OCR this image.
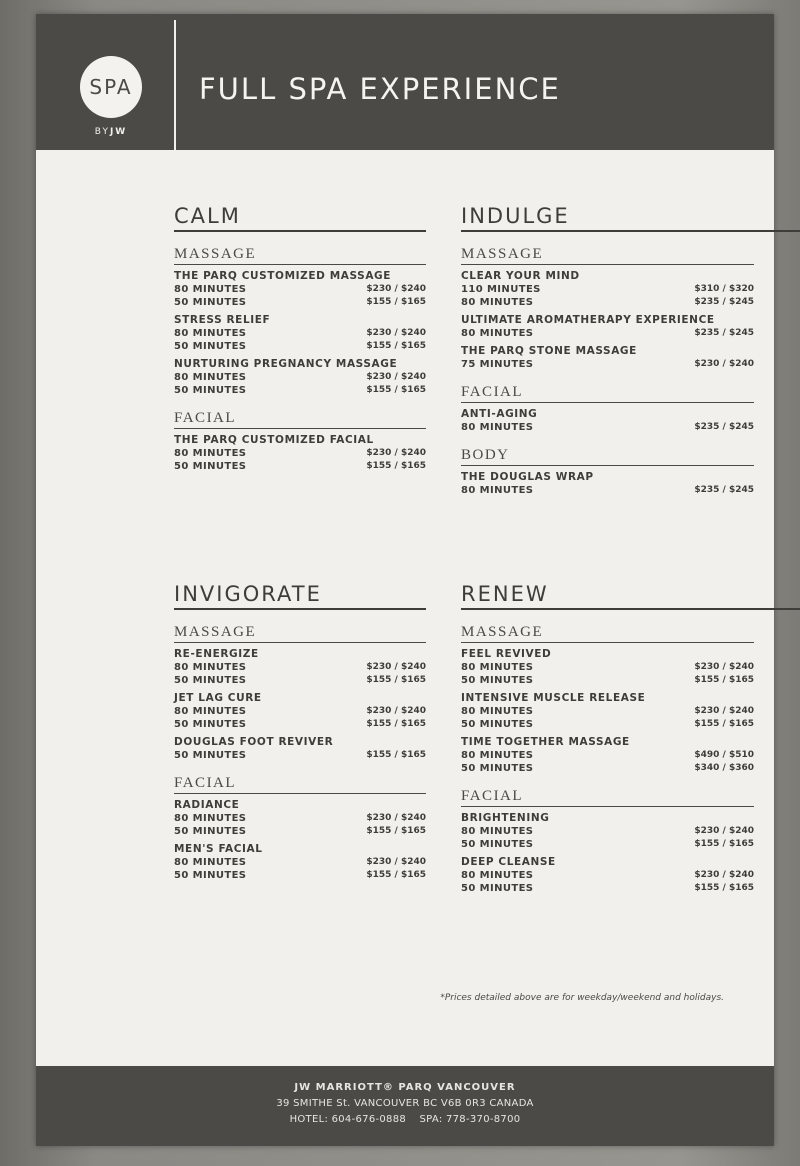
SPA
BYJW
FULL SPA EXPERIENCE
CALM
MASSAGE
THE PARQ CUSTOMIZED MASSAGE
80 MINUTES	$230 / $240
50 MINUTES	$155 / $165
STRESS RELIEF
80 MINUTES	$230 / $240
50 MINUTES	$155 / $165
NURTURING PREGNANCY MASSAGE
80 MINUTES	$230 / $240
50 MINUTES	$155 / $165
FACIAL
THE PARQ CUSTOMIZED FACIAL
80 MINUTES	$230 / $240
50 MINUTES	$155 / $165
INDULGE
MASSAGE
CLEAR YOUR MIND
110 MINUTES	$310 / $320
80 MINUTES	$235 / $245
ULTIMATE AROMATHERAPY EXPERIENCE
80 MINUTES	$235 / $245
THE PARQ STONE MASSAGE
75 MINUTES	$230 / $240
FACIAL
ANTI-AGING
80 MINUTES	$235 / $245
BODY
THE DOUGLAS WRAP
80 MINUTES	$235 / $245
INVIGORATE
MASSAGE
RE-ENERGIZE
80 MINUTES	$230 / $240
50 MINUTES	$155 / $165
JET LAG CURE
80 MINUTES	$230 / $240
50 MINUTES	$155 / $165
DOUGLAS FOOT REVIVER
50 MINUTES	$155 / $165
FACIAL
RADIANCE
80 MINUTES	$230 / $240
50 MINUTES	$155 / $165
MEN'S FACIAL
80 MINUTES	$230 / $240
50 MINUTES	$155 / $165
RENEW
MASSAGE
FEEL REVIVED
80 MINUTES	$230 / $240
50 MINUTES	$155 / $165
INTENSIVE MUSCLE RELEASE
80 MINUTES	$230 / $240
50 MINUTES	$155 / $165
TIME TOGETHER MASSAGE
80 MINUTES	$490 / $510
50 MINUTES	$340 / $360
FACIAL
BRIGHTENING
80 MINUTES	$230 / $240
50 MINUTES	$155 / $165
DEEP CLEANSE
80 MINUTES	$230 / $240
50 MINUTES	$155 / $165
*Prices detailed above are for weekday/weekend and holidays.
JW MARRIOTT® PARQ VANCOUVER
39 SMITHE St. VANCOUVER BC V6B 0R3 CANADA
HOTEL: 604-676-0888 SPA: 778-370-8700
